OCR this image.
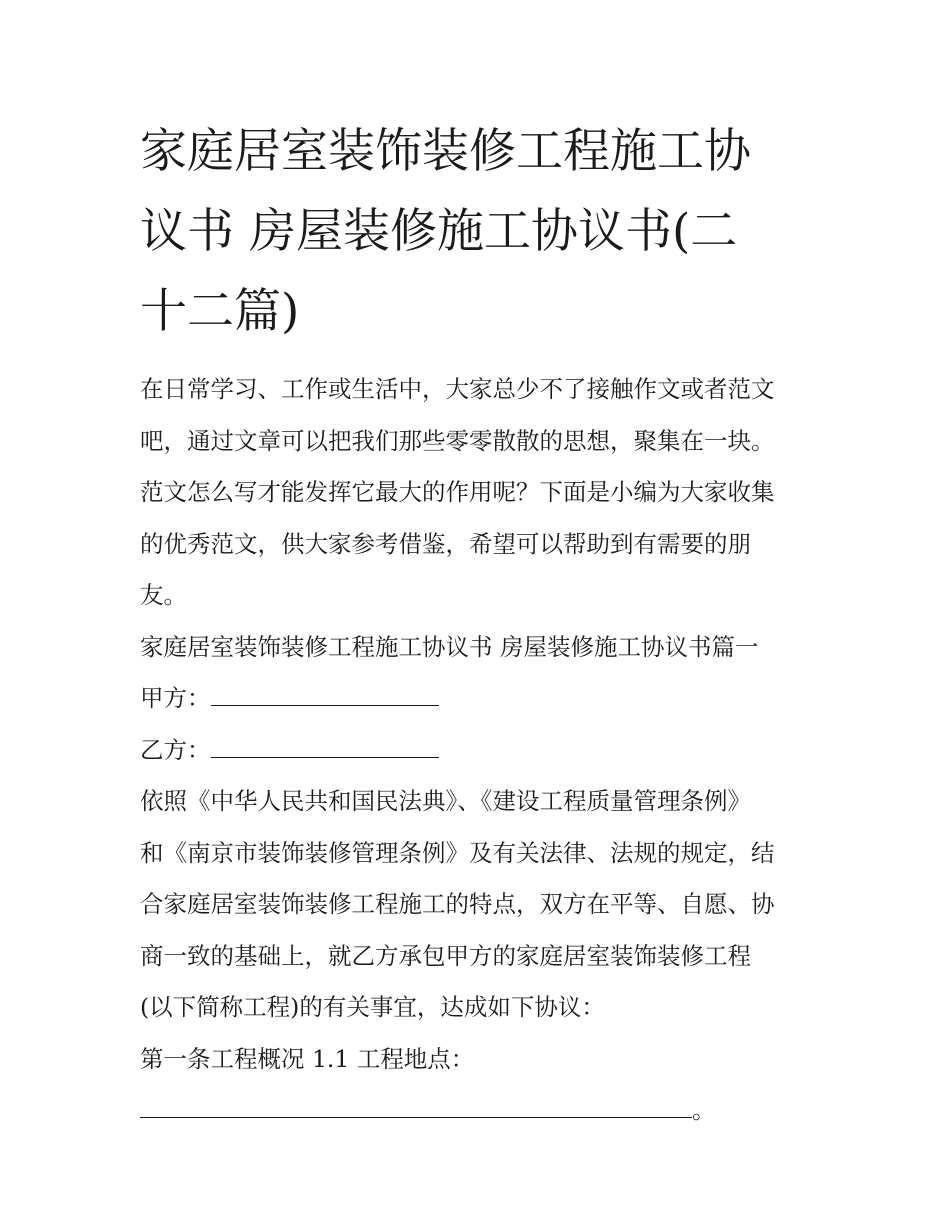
家庭居室装饰装修工程施工协
议书 房屋装修施工协议书(二
十二篇)

在日常学习、工作或生活中，大家总少不了接触作文或者范文

吧，通过文章可以把我们那些零零散散的思想，聚集在一块。

范文怎么写才能发挥它最大的作用呢？下面是小编为大家收集

的优秀范文，供大家参考借鉴，希望可以帮助到有需要的朋

友。

家庭居室装饰装修工程施工协议书 房屋装修施工协议书篇一

甲方：

乙方：

依照《中华人民共和国民法典》、《建设工程质量管理条例》

和《南京市装饰装修管理条例》及有关法律、法规的规定，结

合家庭居室装饰装修工程施工的特点，双方在平等、自愿、协

商一致的基础上，就乙方承包甲方的家庭居室装饰装修工程

(以下简称工程)的有关事宜，达成如下协议：

第一条工程概况 1.1 工程地点：

。
